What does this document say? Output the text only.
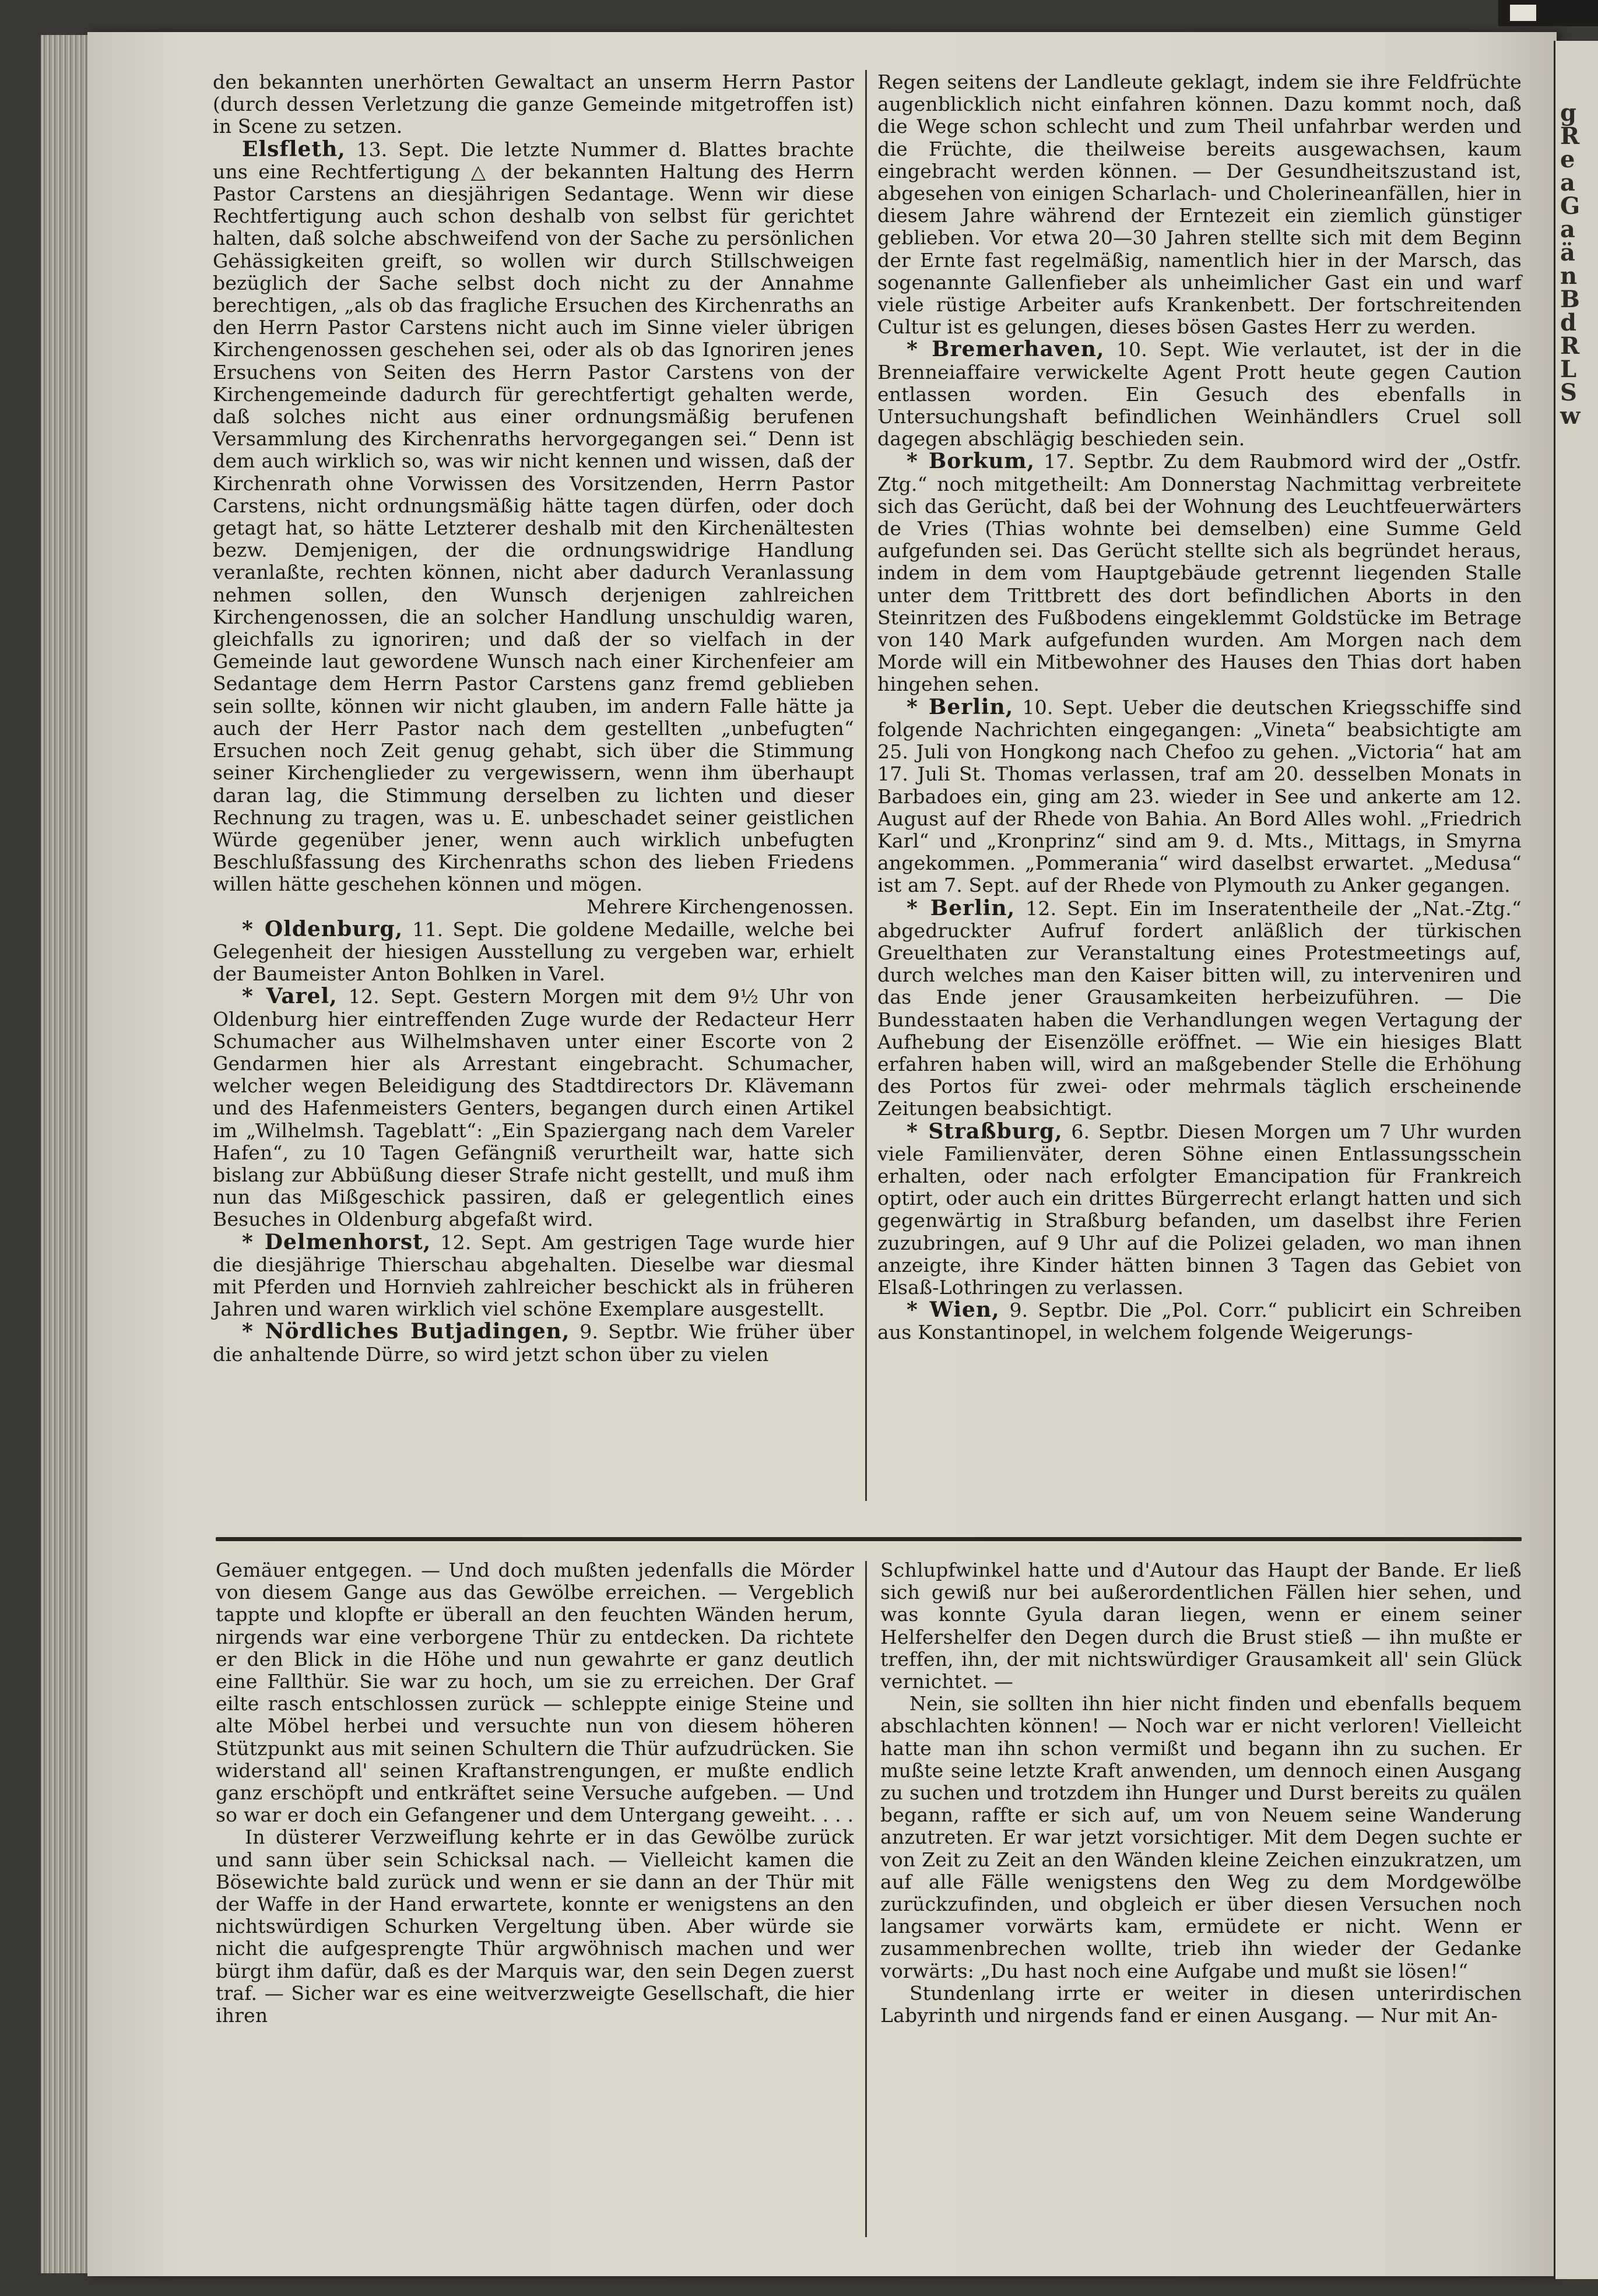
g
R
e
a
G
a
ä
n
B
d
R
L
S
w

den bekannten unerhörten Gewaltact an unserm Herrn Pastor (durch dessen Verletzung die ganze Gemeinde mitgetroffen ist) in Scene zu setzen.

Elsfleth, 13. Sept. Die letzte Nummer d. Blattes brachte uns eine Rechtfertigung △ der bekannten Haltung des Herrn Pastor Carstens an diesjährigen Sedantage. Wenn wir diese Rechtfertigung auch schon deshalb von selbst für gerichtet halten, daß solche abschweifend von der Sache zu persönlichen Gehässigkeiten greift, so wollen wir durch Stillschweigen bezüglich der Sache selbst doch nicht zu der Annahme berechtigen, „als ob das fragliche Ersuchen des Kirchenraths an den Herrn Pastor Carstens nicht auch im Sinne vieler übrigen Kirchengenossen geschehen sei, oder als ob das Ignoriren jenes Ersuchens von Seiten des Herrn Pastor Carstens von der Kirchengemeinde dadurch für gerechtfertigt gehalten werde, daß solches nicht aus einer ordnungsmäßig berufenen Versammlung des Kirchenraths hervorgegangen sei.“ Denn ist dem auch wirklich so, was wir nicht kennen und wissen, daß der Kirchenrath ohne Vorwissen des Vorsitzenden, Herrn Pastor Carstens, nicht ordnungsmäßig hätte tagen dürfen, oder doch getagt hat, so hätte Letzterer deshalb mit den Kirchenältesten bezw. Demjenigen, der die ordnungswidrige Handlung veranlaßte, rechten können, nicht aber dadurch Veranlassung nehmen sollen, den Wunsch derjenigen zahlreichen Kirchengenossen, die an solcher Handlung unschuldig waren, gleichfalls zu ignoriren; und daß der so vielfach in der Gemeinde laut gewordene Wunsch nach einer Kirchenfeier am Sedantage dem Herrn Pastor Carstens ganz fremd geblieben sein sollte, können wir nicht glauben, im andern Falle hätte ja auch der Herr Pastor nach dem gestellten „unbefugten“ Ersuchen noch Zeit genug gehabt, sich über die Stimmung seiner Kirchenglieder zu vergewissern, wenn ihm überhaupt daran lag, die Stimmung derselben zu lichten und dieser Rechnung zu tragen, was u. E. unbeschadet seiner geistlichen Würde gegenüber jener, wenn auch wirklich unbefugten Beschlußfassung des Kirchenraths schon des lieben Friedens willen hätte geschehen können und mögen.
Mehrere Kirchengenossen.

* Oldenburg, 11. Sept. Die goldene Medaille, welche bei Gelegenheit der hiesigen Ausstellung zu vergeben war, erhielt der Baumeister Anton Bohlken in Varel.

* Varel, 12. Sept. Gestern Morgen mit dem 9½ Uhr von Oldenburg hier eintreffenden Zuge wurde der Redacteur Herr Schumacher aus Wilhelmshaven unter einer Escorte von 2 Gendarmen hier als Arrestant eingebracht. Schumacher, welcher wegen Beleidigung des Stadtdirectors Dr. Klävemann und des Hafenmeisters Genters, begangen durch einen Artikel im „Wilhelmsh. Tageblatt“: „Ein Spaziergang nach dem Vareler Hafen“, zu 10 Tagen Gefängniß verurtheilt war, hatte sich bislang zur Abbüßung dieser Strafe nicht gestellt, und muß ihm nun das Mißgeschick passiren, daß er gelegentlich eines Besuches in Oldenburg abgefaßt wird.

* Delmenhorst, 12. Sept. Am gestrigen Tage wurde hier die diesjährige Thierschau abgehalten. Dieselbe war diesmal mit Pferden und Hornvieh zahlreicher beschickt als in früheren Jahren und waren wirklich viel schöne Exemplare ausgestellt.

* Nördliches Butjadingen, 9. Septbr. Wie früher über die anhaltende Dürre, so wird jetzt schon über zu vielen

Regen seitens der Landleute geklagt, indem sie ihre Feldfrüchte augenblicklich nicht einfahren können. Dazu kommt noch, daß die Wege schon schlecht und zum Theil unfahrbar werden und die Früchte, die theilweise bereits ausgewachsen, kaum eingebracht werden können. — Der Gesundheitszustand ist, abgesehen von einigen Scharlach- und Cholerineanfällen, hier in diesem Jahre während der Erntezeit ein ziemlich günstiger geblieben. Vor etwa 20—30 Jahren stellte sich mit dem Beginn der Ernte fast regelmäßig, namentlich hier in der Marsch, das sogenannte Gallenfieber als unheimlicher Gast ein und warf viele rüstige Arbeiter aufs Krankenbett. Der fortschreitenden Cultur ist es gelungen, dieses bösen Gastes Herr zu werden.

* Bremerhaven, 10. Sept. Wie verlautet, ist der in die Brenneiaffaire verwickelte Agent Prott heute gegen Caution entlassen worden. Ein Gesuch des ebenfalls in Untersuchungshaft befindlichen Weinhändlers Cruel soll dagegen abschlägig beschieden sein.

* Borkum, 17. Septbr. Zu dem Raubmord wird der „Ostfr. Ztg.“ noch mitgetheilt: Am Donnerstag Nachmittag verbreitete sich das Gerücht, daß bei der Wohnung des Leuchtfeuerwärters de Vries (Thias wohnte bei demselben) eine Summe Geld aufgefunden sei. Das Gerücht stellte sich als begründet heraus, indem in dem vom Hauptgebäude getrennt liegenden Stalle unter dem Trittbrett des dort befindlichen Aborts in den Steinritzen des Fußbodens eingeklemmt Goldstücke im Betrage von 140 Mark aufgefunden wurden. Am Morgen nach dem Morde will ein Mitbewohner des Hauses den Thias dort haben hingehen sehen.

* Berlin, 10. Sept. Ueber die deutschen Kriegsschiffe sind folgende Nachrichten eingegangen: „Vineta“ beabsichtigte am 25. Juli von Hongkong nach Chefoo zu gehen. „Victoria“ hat am 17. Juli St. Thomas verlassen, traf am 20. desselben Monats in Barbadoes ein, ging am 23. wieder in See und ankerte am 12. August auf der Rhede von Bahia. An Bord Alles wohl. „Friedrich Karl“ und „Kronprinz“ sind am 9. d. Mts., Mittags, in Smyrna angekommen. „Pommerania“ wird daselbst erwartet. „Medusa“ ist am 7. Sept. auf der Rhede von Plymouth zu Anker gegangen.

* Berlin, 12. Sept. Ein im Inseratentheile der „Nat.-Ztg.“ abgedruckter Aufruf fordert anläßlich der türkischen Greuelthaten zur Veranstaltung eines Protestmeetings auf, durch welches man den Kaiser bitten will, zu interveniren und das Ende jener Grausamkeiten herbeizuführen. — Die Bundesstaaten haben die Verhandlungen wegen Vertagung der Aufhebung der Eisenzölle eröffnet. — Wie ein hiesiges Blatt erfahren haben will, wird an maßgebender Stelle die Erhöhung des Portos für zwei- oder mehrmals täglich erscheinende Zeitungen beabsichtigt.

* Straßburg, 6. Septbr. Diesen Morgen um 7 Uhr wurden viele Familienväter, deren Söhne einen Entlassungsschein erhalten, oder nach erfolgter Emancipation für Frankreich optirt, oder auch ein drittes Bürgerrecht erlangt hatten und sich gegenwärtig in Straßburg befanden, um daselbst ihre Ferien zuzubringen, auf 9 Uhr auf die Polizei geladen, wo man ihnen anzeigte, ihre Kinder hätten binnen 3 Tagen das Gebiet von Elsaß-Lothringen zu verlassen.

* Wien, 9. Septbr. Die „Pol. Corr.“ publicirt ein Schreiben aus Konstantinopel, in welchem folgende Weigerungs-

Gemäuer entgegen. — Und doch mußten jedenfalls die Mörder von diesem Gange aus das Gewölbe erreichen. — Vergeblich tappte und klopfte er überall an den feuchten Wänden herum, nirgends war eine verborgene Thür zu entdecken. Da richtete er den Blick in die Höhe und nun gewahrte er ganz deutlich eine Fallthür. Sie war zu hoch, um sie zu erreichen. Der Graf eilte rasch entschlossen zurück — schleppte einige Steine und alte Möbel herbei und versuchte nun von diesem höheren Stützpunkt aus mit seinen Schultern die Thür aufzudrücken. Sie widerstand all' seinen Kraftanstrengungen, er mußte endlich ganz erschöpft und entkräftet seine Versuche aufgeben. — Und so war er doch ein Gefangener und dem Untergang geweiht. . . .

In düsterer Verzweiflung kehrte er in das Gewölbe zurück und sann über sein Schicksal nach. — Vielleicht kamen die Bösewichte bald zurück und wenn er sie dann an der Thür mit der Waffe in der Hand erwartete, konnte er wenigstens an den nichtswürdigen Schurken Vergeltung üben. Aber würde sie nicht die aufgesprengte Thür argwöhnisch machen und wer bürgt ihm dafür, daß es der Marquis war, den sein Degen zuerst traf. — Sicher war es eine weitverzweigte Gesellschaft, die hier ihren

Schlupfwinkel hatte und d'Autour das Haupt der Bande. Er ließ sich gewiß nur bei außerordentlichen Fällen hier sehen, und was konnte Gyula daran liegen, wenn er einem seiner Helfershelfer den Degen durch die Brust stieß — ihn mußte er treffen, ihn, der mit nichtswürdiger Grausamkeit all' sein Glück vernichtet. —

Nein, sie sollten ihn hier nicht finden und ebenfalls bequem abschlachten können! — Noch war er nicht verloren! Vielleicht hatte man ihn schon vermißt und begann ihn zu suchen. Er mußte seine letzte Kraft anwenden, um dennoch einen Ausgang zu suchen und trotzdem ihn Hunger und Durst bereits zu quälen begann, raffte er sich auf, um von Neuem seine Wanderung anzutreten. Er war jetzt vorsichtiger. Mit dem Degen suchte er von Zeit zu Zeit an den Wänden kleine Zeichen einzukratzen, um auf alle Fälle wenigstens den Weg zu dem Mordgewölbe zurückzufinden, und obgleich er über diesen Versuchen noch langsamer vorwärts kam, ermüdete er nicht. Wenn er zusammenbrechen wollte, trieb ihn wieder der Gedanke vorwärts: „Du hast noch eine Aufgabe und mußt sie lösen!“

Stundenlang irrte er weiter in diesen unterirdischen Labyrinth und nirgends fand er einen Ausgang. — Nur mit An-
